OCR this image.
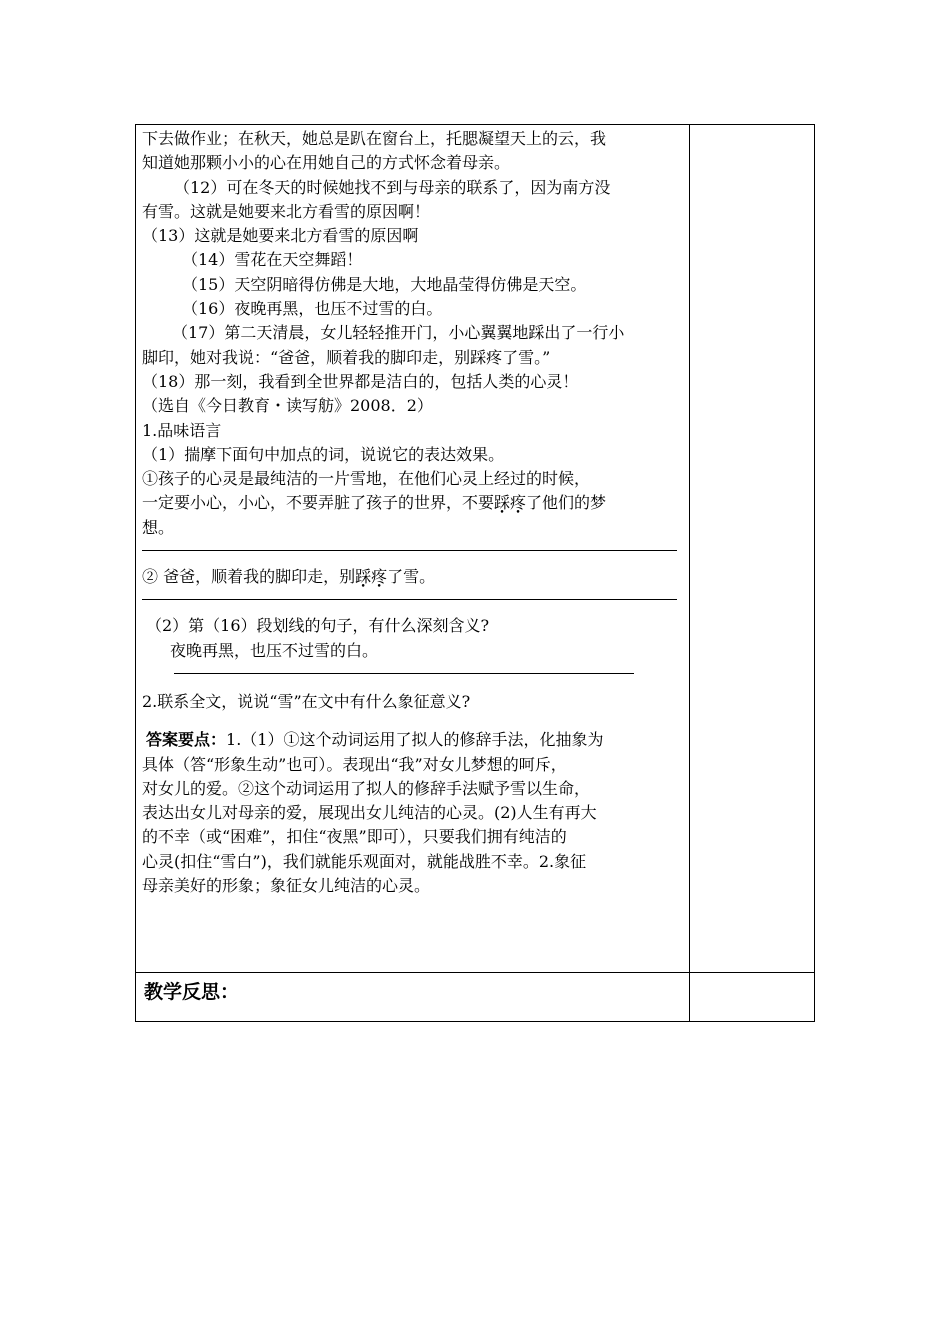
下去做作业；在秋天，她总是趴在窗台上，托腮凝望天上的云，我

知道她那颗小小的心在用她自己的方式怀念着母亲。

（12）可在冬天的时候她找不到与母亲的联系了，因为南方没

有雪。这就是她要来北方看雪的原因啊！

（13）这就是她要来北方看雪的原因啊

（14）雪花在天空舞蹈！

（15）天空阴暗得仿佛是大地，大地晶莹得仿佛是天空。

（16）夜晚再黑，也压不过雪的白。

（17）第二天清晨，女儿轻轻推开门，小心翼翼地踩出了一行小

脚印，她对我说：“爸爸，顺着我的脚印走，别踩疼了雪。”

（18）那一刻，我看到全世界都是洁白的，包括人类的心灵！

（选自《今日教育・读写舫》2008．2）

1.品味语言

（1）揣摩下面句中加点的词，说说它的表达效果。

①孩子的心灵是最纯洁的一片雪地，在他们心灵上经过的时候，

一定要小心，小心，不要弄脏了孩子的世界，不要踩疼了他们的梦

想。

② 爸爸，顺着我的脚印走，别踩疼了雪。

（2）第（16）段划线的句子，有什么深刻含义?

夜晚再黑，也压不过雪的白。

2.联系全文，说说“雪”在文中有什么象征意义?

答案要点：1.（1）①这个动词运用了拟人的修辞手法，化抽象为

具体（答“形象生动”也可）。表现出“我”对女儿梦想的呵斥，

对女儿的爱。②这个动词运用了拟人的修辞手法赋予雪以生命，

表达出女儿对母亲的爱，展现出女儿纯洁的心灵。(2)人生有再大

的不幸（或“困难”，扣住“夜黑”即可），只要我们拥有纯洁的

心灵(扣住“雪白”)，我们就能乐观面对，就能战胜不幸。2.象征

母亲美好的形象；象征女儿纯洁的心灵。

教学反思：
